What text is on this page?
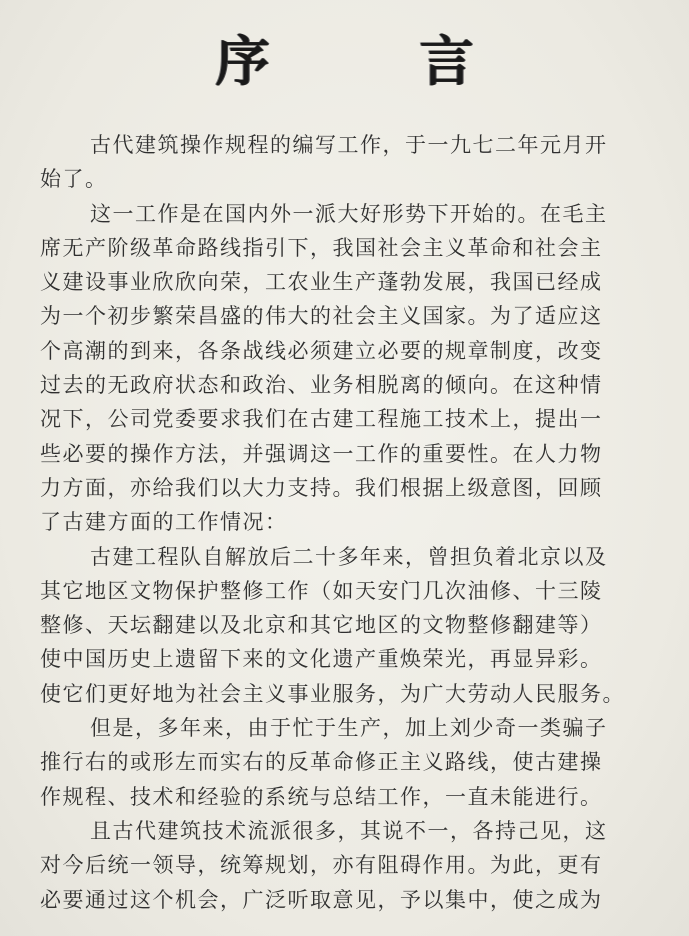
序	言
古代建筑操作规程的编写工作，于一九七二年元月开
始了。
这一工作是在国内外一派大好形势下开始的。在毛主
席无产阶级革命路线指引下，我国社会主义革命和社会主
义建设事业欣欣向荣，工农业生产蓬勃发展，我国已经成
为一个初步繁荣昌盛的伟大的社会主义国家。为了适应这
个高潮的到来，各条战线必须建立必要的规章制度，改变
过去的无政府状态和政治、业务相脱离的倾向。在这种情
况下，公司党委要求我们在古建工程施工技术上，提出一
些必要的操作方法，并强调这一工作的重要性。在人力物
力方面，亦给我们以大力支持。我们根据上级意图，回顾
了古建方面的工作情况：
古建工程队自解放后二十多年来，曾担负着北京以及
其它地区文物保护整修工作（如天安门几次油修、十三陵
整修、天坛翻建以及北京和其它地区的文物整修翻建等）
使中国历史上遗留下来的文化遗产重焕荣光，再显异彩。
使它们更好地为社会主义事业服务，为广大劳动人民服务。
但是，多年来，由于忙于生产，加上刘少奇一类骗子
推行右的或形左而实右的反革命修正主义路线，使古建操
作规程、技术和经验的系统与总结工作，一直未能进行。
且古代建筑技术流派很多，其说不一，各持己见，这
对今后统一领导，统筹规划，亦有阻碍作用。为此，更有
必要通过这个机会，广泛听取意见，予以集中，使之成为
